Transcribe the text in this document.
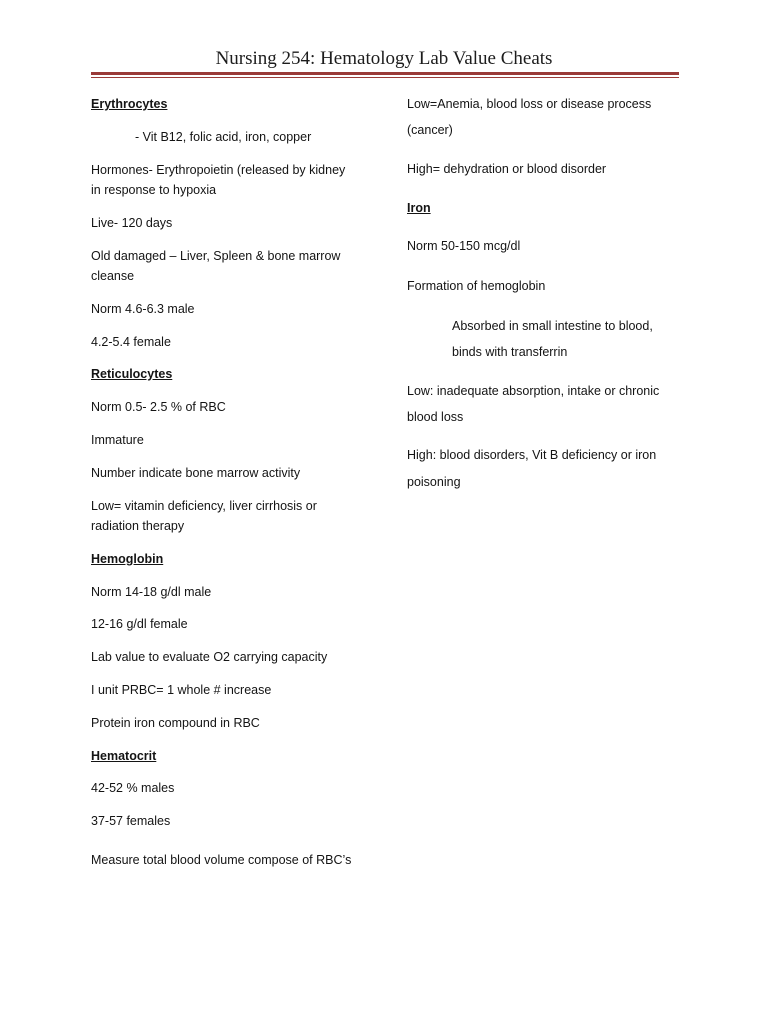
Nursing 254: Hematology Lab Value Cheats
Erythrocytes
- Vit B12, folic acid, iron, copper
Hormones- Erythropoietin (released by kidney
in response to hypoxia
Live- 120 days
Old damaged – Liver, Spleen & bone marrow
cleanse
Norm 4.6-6.3 male
4.2-5.4 female
Reticulocytes
Norm 0.5- 2.5 % of RBC
Immature
Number indicate bone marrow activity
Low= vitamin deficiency, liver cirrhosis or
radiation therapy
Hemoglobin
Norm 14-18 g/dl male
12-16 g/dl female
Lab value to evaluate O2 carrying capacity
I unit PRBC= 1 whole # increase
Protein iron compound in RBC
Hematocrit
42-52 % males
37-57 females
Measure total blood volume compose of RBC’s
Low=Anemia, blood loss or disease process
(cancer)
High= dehydration or blood disorder
Iron
Norm 50-150 mcg/dl
Formation of hemoglobin
Absorbed in small intestine to blood,
binds with transferrin
Low: inadequate absorption, intake or chronic
blood loss
High: blood disorders, Vit B deficiency or iron
poisoning
